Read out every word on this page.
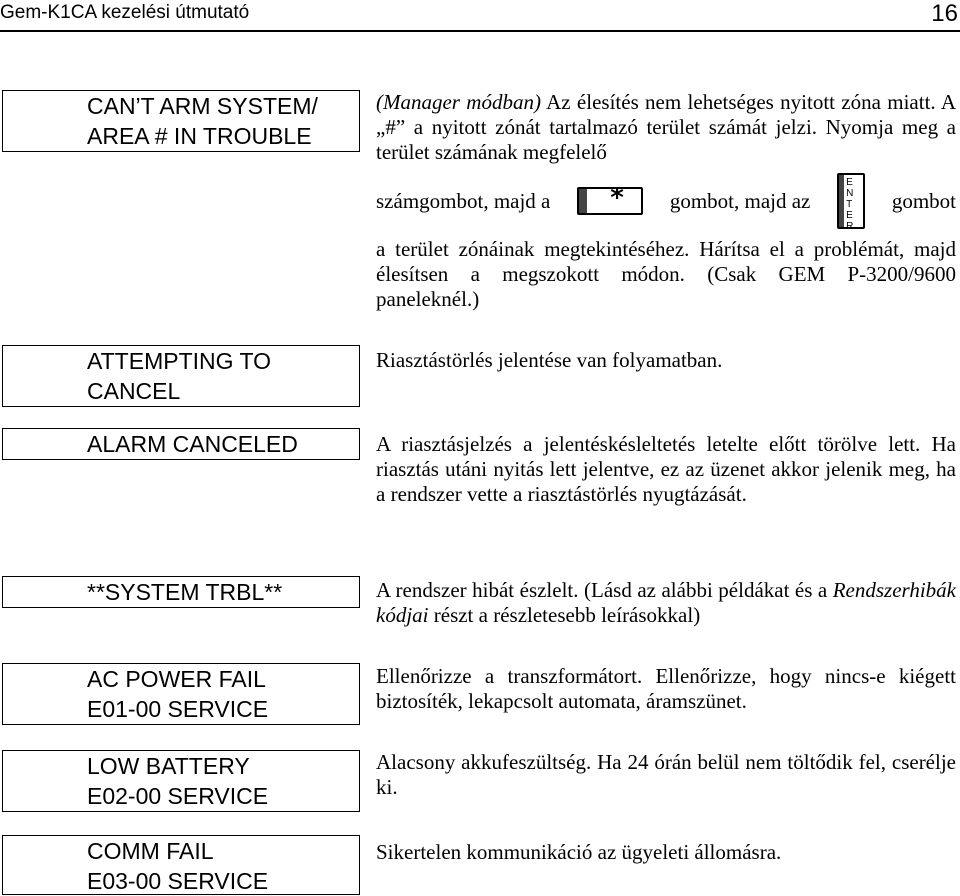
Gem-K1CA kezelési útmutató	16
CAN’T ARM SYSTEM/
AREA # IN TROUBLE

(Manager módban) Az élesítés nem lehetséges nyitott zóna miatt. A „#” a nyitott zónát tartalmazó terület számát jelzi. Nyomja meg a terület számának megfelelő

számgombot, majd a	*	gombot, majd az
E
N
T
E
R
gombot

a terület zónáinak megtekintéséhez. Hárítsa el a problémát, majd élesítsen a megszokott módon. (Csak GEM P-3200/9600 paneleknél.)

ATTEMPTING TO
CANCEL

Riasztástörlés jelentése van folyamatban.

ALARM CANCELED	A riasztásjelzés a jelentéskésleltetés letelte előtt törölve lett. Ha riasztás utáni nyitás lett jelentve, ez az üzenet akkor jelenik meg, ha a rendszer vette a riasztástörlés nyugtázását.

**SYSTEM TRBL**	A rendszer hibát észlelt. (Lásd az alábbi példákat és a Rendszerhibák kódjai részt a részletesebb leírásokkal)

AC POWER FAIL
E01-00 SERVICE

Ellenőrizze a transzformátort. Ellenőrizze, hogy nincs-e kiégett biztosíték, lekapcsolt automata, áramszünet.

LOW BATTERY
E02-00 SERVICE

Alacsony akkufeszültség. Ha 24 órán belül nem töltődik fel, cserélje ki.

COMM FAIL
E03-00 SERVICE

Sikertelen kommunikáció az ügyeleti állomásra.
